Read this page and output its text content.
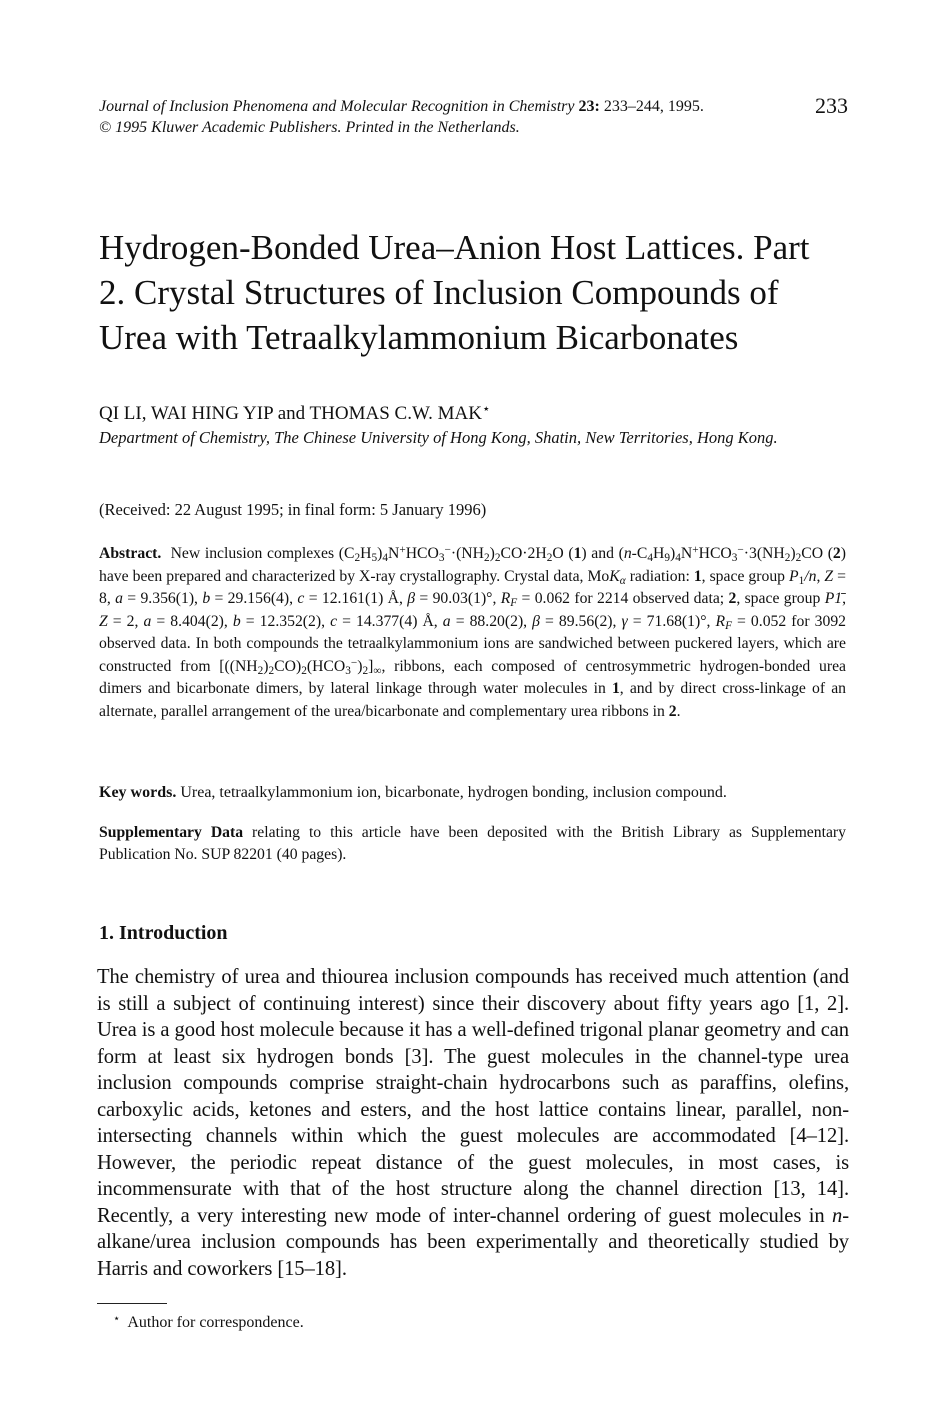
Journal of Inclusion Phenomena and Molecular Recognition in Chemistry 23: 233–244, 1995.
© 1995 Kluwer Academic Publishers. Printed in the Netherlands.
233
Hydrogen-Bonded Urea–Anion Host Lattices. Part
2. Crystal Structures of Inclusion Compounds of
Urea with Tetraalkylammonium Bicarbonates
QI LI, WAI HING YIP and THOMAS C.W. MAK⋆
Department of Chemistry, The Chinese University of Hong Kong, Shatin, New Territories, Hong Kong.
(Received: 22 August 1995; in final form: 5 January 1996)

Abstract. New inclusion complexes $(C_2H_5)_4N^+HCO_3^-\cdot(NH_2)_2CO\cdot 2H_2O$ (1) and $(n-C_4H_9)_4N^+HCO_3^-\cdot 3(NH_2)_2CO$ (2) have been prepared and characterized by X-ray crystallography. Crystal data, MoK$_\alpha$ radiation: 1, space group $P_1/n$, Z = 8, a = 9.356(1), b = 29.156(4), c = 12.161(1) Å, β = 90.03(1)°, $R_F = 0.062$ for 2214 observed data; 2, space group P1̄, Z = 2, a = 8.404(2), b = 12.352(2), c = 14.377(4) Å, a = 88.20(2), β = 89.56(2), γ = 71.68(1)°, $R_F = 0.052$ for 3092 observed data. In both compounds the tetraalkylammonium ions are sandwiched between puckered layers, which are constructed from $[((NH_2)_2CO)_2(HCO_3^-)_2]_\infty$, ribbons, each composed of centrosymmetric hydrogen-bonded urea dimers and bicarbonate dimers, by lateral linkage through water molecules in 1, and by direct cross-linkage of an alternate, parallel arrangement of the urea/bicarbonate and complementary urea ribbons in 2.

Key words. Urea, tetraalkylammonium ion, bicarbonate, hydrogen bonding, inclusion compound.

Supplementary Data relating to this article have been deposited with the British Library as Supplementary Publication No. SUP 82201 (40 pages).

1. Introduction

The chemistry of urea and thiourea inclusion compounds has received much attention (and is still a subject of continuing interest) since their discovery about fifty years ago [1, 2]. Urea is a good host molecule because it has a well-defined trigonal planar geometry and can form at least six hydrogen bonds [3]. The guest molecules in the channel-type urea inclusion compounds comprise straight-chain hydrocarbons such as paraffins, olefins, carboxylic acids, ketones and esters, and the host lattice contains linear, parallel, non-intersecting channels within which the guest molecules are accommodated [4–12]. However, the periodic repeat distance of the guest molecules, in most cases, is incommensurate with that of the host structure along the channel direction [13, 14]. Recently, a very interesting new mode of inter-channel ordering of guest molecules in n-alkane/urea inclusion compounds has been experimentally and theoretically studied by Harris and coworkers [15–18].

⋆ Author for correspondence.
